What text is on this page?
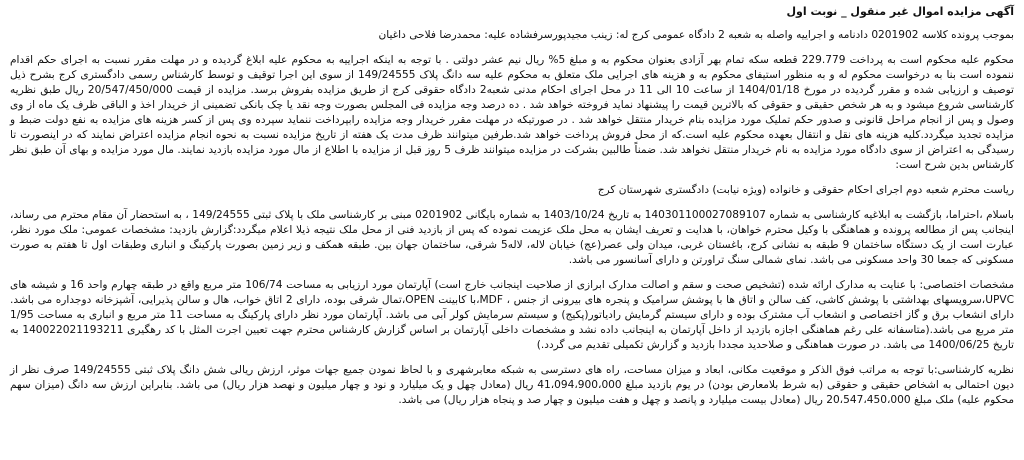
آگهی مزایده اموال غیر منقول _ نوبت اول
بموجب پرونده کلاسه 0201902 دادنامه و اجراییه واصله به شعبه 2 دادگاه عمومی کرج له: زینب مجیدپورسرفشاده علیه: محمدرضا فلاحی داغیان
محکوم علیه محکوم است به پرداخت 229.779 قطعه سکه تمام بهر آزادی بعنوان محکوم به و مبلغ 5% ریال نیم عشر دولتی . با توجه به اینکه اجراییه به محکوم علیه ابلاغ گردیده و در مهلت مقرر نسبت به اجرای حکم اقدام ننموده است بنا به درخواست محکوم له و به منظور استیفای محکوم به و هزینه های اجرایی ملک متعلق به محکوم علیه سه دانگ پلاک 149/24555 از سوی این اجرا توقیف و توسط کارشناس رسمی دادگستری کرج بشرح ذیل توصیف و ارزیابی شده و مقرر گردیده در مورخ 1404/01/18 از ساعت 10 الی 11 در محل اجرای احکام مدنی شعبه2 دادگاه حقوقی کرج از طریق مزایده بفروش برسد. مزایده از قیمت 20/547/450/000 ریال طبق نظریه کارشناسی شروع میشود و به هر شخص حقیقی و حقوقی که بالاترین قیمت را پیشنهاد نماید فروخته خواهد شد . ده درصد وجه مزایده فی المجلس بصورت وجه نقد یا چک بانکی تضمینی از خریدار اخذ و الباقی ظرف یک ماه از وی وصول و پس از انجام مراحل قانونی و صدور حکم تملیک مورد مزایده بنام خریدار منتقل خواهد شد . در صورتیکه در مهلت مقرر خریدار وجه مزایده رابپرداخت ننماید سپرده وی پس از کسر هزینه های مزایده به نفع دولت ضبط و مزایده تجدید میگردد.کلیه هزینه های نقل و انتقال بعهده محکوم علیه است.که از محل فروش پرداخت خواهد شد.طرفین میتوانند ظرف مدت یک هفته از تاریخ مزایده نسبت به نحوه انجام مزایده اعتراض نمایند که در اینصورت تا رسیدگی به اعتراض از سوی دادگاه مورد مزایده به نام خریدار منتقل نخواهد شد. ضمناً طالبین بشرکت در مزایده میتوانند ظرف 5 روز قبل از مزایده با اطلاع از مال مورد مزایده بازدید نمایند. مال مورد مزایده و بهای آن طبق نظر کارشناس بدین شرح است:
ریاست محترم شعبه دوم اجرای احکام حقوقی و خانواده (ویژه نیابت) دادگستری شهرستان کرج
باسلام ،احتراما، بازگشت به ابلاغیه کارشناسی به شماره 140301100027089107 به تاریخ 1403/10/24 به شماره بایگانی 0201902 مبنی بر کارشناسی ملک با پلاک ثبتی 149/24555 ، به استحضار آن مقام محترم می رساند، اینجانب پس از مطالعه پرونده و هماهنگی با وکیل محترم خواهان، با هدایت و تعریف ایشان به محل ملک عزیمت نموده که پس از بازدید فنی از محل ملک نتیجه ذیلا اعلام میگردد:گزارش بازدید: مشخصات عمومی: ملک مورد نظر، عبارت است از یک دستگاه ساختمان 9 طبقه به نشانی کرج، باغستان غربی، میدان ولی عصر(عج) خیابان لاله، لاله5 شرقی، ساختمان جهان بین. طبقه همکف و زیر زمین بصورت پارکینگ و انباری وطبقات اول تا هفتم به صورت مسکونی که جمعا 30 واحد مسکونی می باشد. نمای شمالی سنگ تراورتن و دارای آسانسور می باشد.
مشخصات اختصاصی: با عنایت به مدارک ارائه شده (تشخیص صحت و سقم و اصالت مدارک ابرازی از صلاحیت اینجانب خارج است) آپارتمان مورد ارزیابی به مساحت 106/74 متر مربع واقع در طبقه چهارم واحد 16 و شیشه های UPVC،سرویسهای بهداشتی با پوشش کاشی، کف سالن و اتاق ها با پوشش سرامیک و پنجره های بیرونی از جنس ، MDF،با کابینت OPEN،تمال شرقی بوده، دارای 2 اتاق خواب، هال و سالن پذیرایی، آشپزخانه دوجداره می باشد. دارای انشعاب برق و گاز اختصاصی و انشعاب آب مشترک بوده و دارای سیستم گرمایش رادیاتور(پکیج) و سیستم سرمایش کولر آبی می باشد. آپارتمان مورد نظر دارای پارکینگ به مساحت 11 متر مربع و انباری به مساحت 1/95 متر مربع می باشد.(متاسفانه علی رغم هماهنگی اجازه بازدید از داخل آپارتمان به اینجانب داده نشد و مشخصات داخلی آپارتمان بر اساس گزارش کارشناس محترم جهت تعیین اجرت المثل با کد رهگیری 140022021193211 به تاریخ 1400/06/25 می باشد. در صورت هماهنگی و صلاحدید مجددا بازدید و گزارش تکمیلی تقدیم می گردد.)
نظریه کارشناسی:با توجه به مراتب فوق الذکر و موقعیت مکانی، ابعاد و میزان مساحت، راه های دسترسی به شبکه معابرشهری و با لحاظ نمودن جمیع جهات موثر، ارزش ریالی شش دانگ پلاک ثبتی 149/24555 صرف نظر از دیون احتمالی به اشخاص حقیقی و حقوقی (به شرط بلامعارض بودن) در یوم بازدید مبلغ 41،094،900،000 ریال (معادل چهل و یک میلیارد و نود و چهار میلیون و نهصد هزار ریال) می باشد. بنابراین ارزش سه دانگ (میزان سهم محکوم علیه) ملک مبلغ 20،547،450،000 ریال (معادل بیست میلیارد و پانصد و چهل و هفت میلیون و چهار صد و پنجاه هزار ریال) می باشد.
